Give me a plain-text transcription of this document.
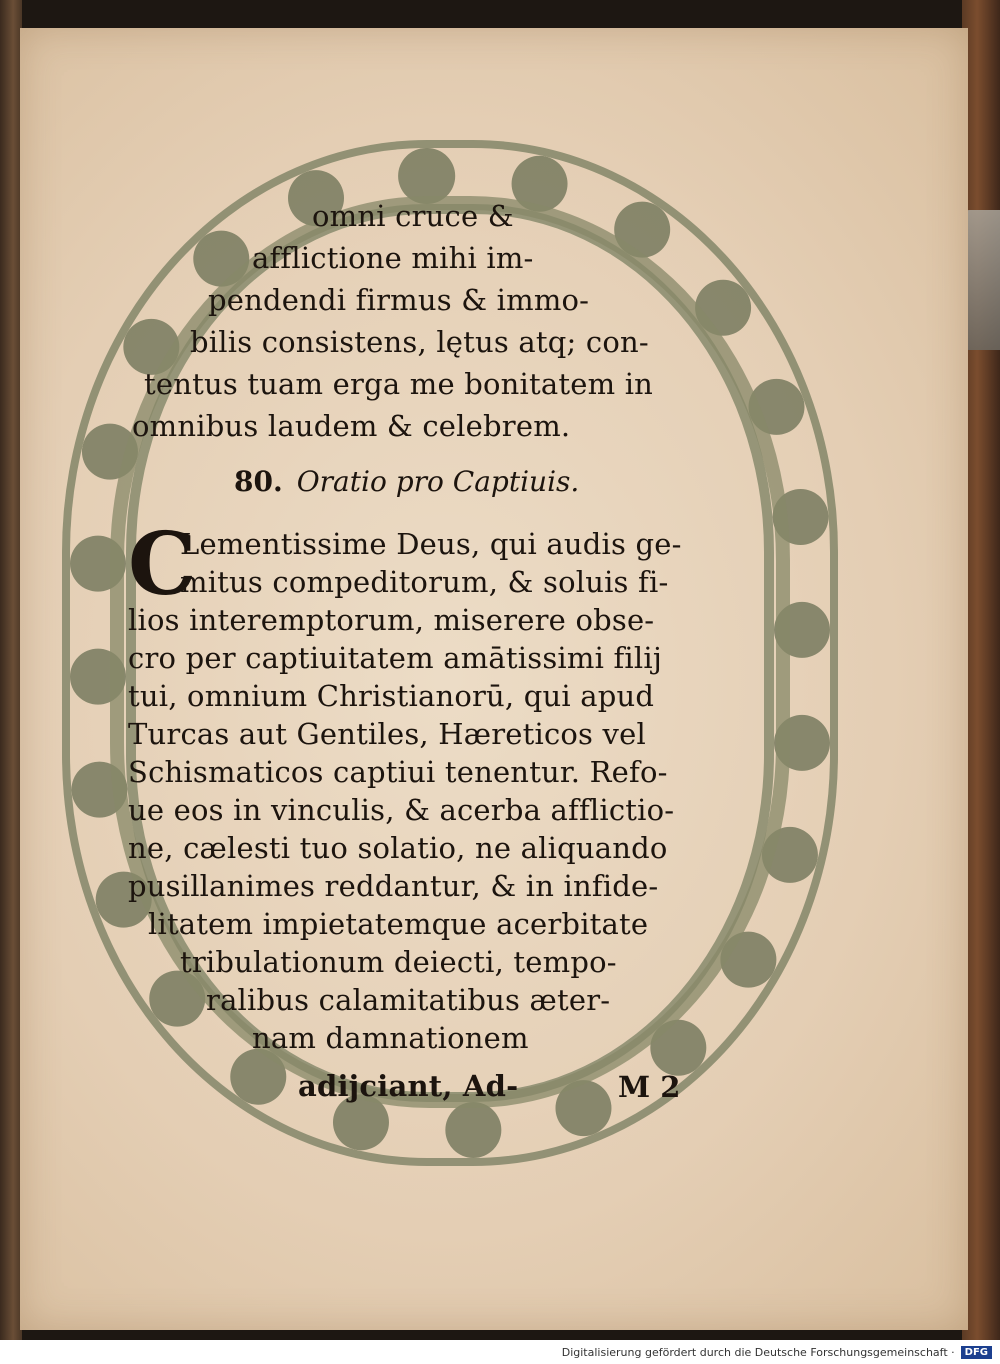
omni cruce &
afflictione mihi im-
pendendi firmus & immo-
bilis consistens, lętus atq; con-
tentus tuam erga me bonitatem in
omnibus laudem & celebrem.
80. Oratio pro Captiuis.
C
Lementissime Deus, qui audis ge-
mitus compeditorum, & soluis fi-
lios interemptorum, miserere obse-
cro per captiuitatem amātissimi filij
tui, omnium Christianorū, qui apud
Turcas aut Gentiles, Hæreticos vel
Schismaticos captiui tenentur. Refo-
ue eos in vinculis, & acerba afflictio-
ne, cælesti tuo solatio, ne aliquando
pusillanimes reddantur, & in infide-
litatem impietatemque acerbitate
tribulationum deiecti, tempo-
ralibus calamitatibus æter-
nam damnationem
adijciant, Ad-	M 2
Digitalisierung gefördert durch die Deutsche Forschungsgemeinschaft ·	DFG
